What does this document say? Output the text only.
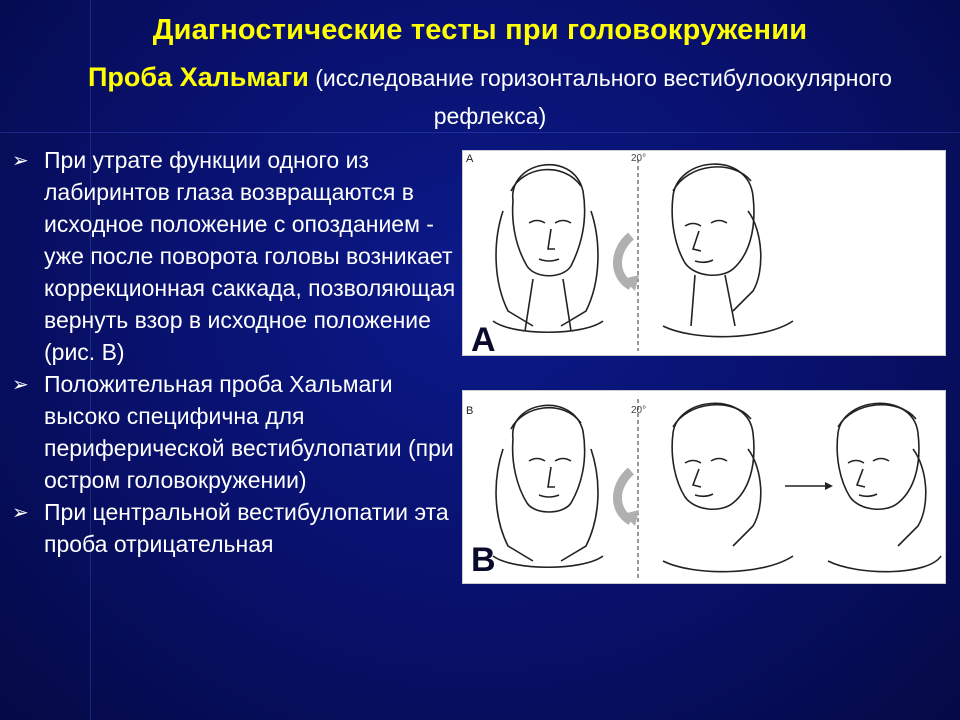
Диагностические тесты при головокружении
Проба Хальмаги (исследование горизонтального вестибулоокулярного рефлекса)
➢ При утрате функции одного из лабиринтов глаза возвращаются в исходное положение с опозданием - уже после поворота головы возникает коррекционная саккада, позволяющая вернуть взор в исходное положение (рис. В)
➢ Положительная проба Хальмаги высоко специфична для периферической вестибулопатии (при остром головокружении)
➢ При центральной вестибулопатии эта проба отрицательная
A	20°
A
B	20°
B
